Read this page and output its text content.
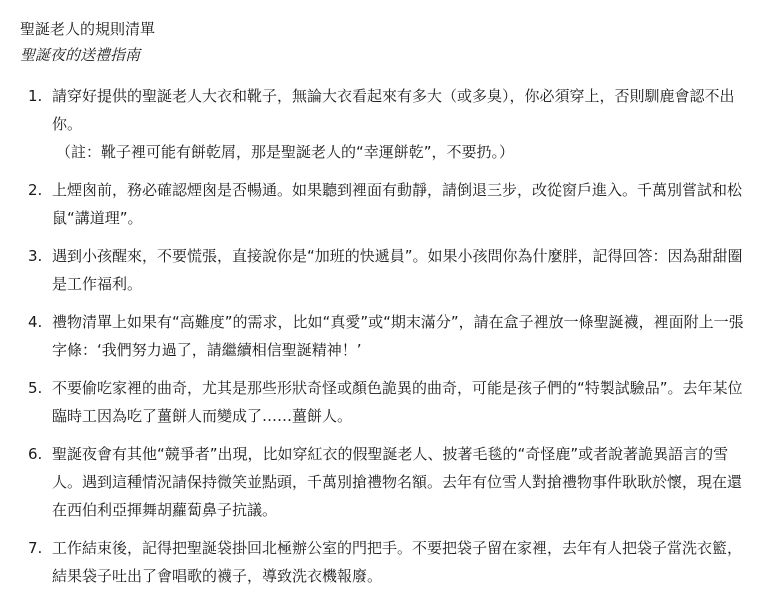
聖誕老人的規則清單
聖誕夜的送禮指南
1. 請穿好提供的聖誕老人大衣和靴子，無論大衣看起來有多大（或多臭），你必須穿上，否則馴鹿會認不出你。
（註：靴子裡可能有餅乾屑，那是聖誕老人的“幸運餅乾”，不要扔。）
2. 上煙囪前，務必確認煙囪是否暢通。如果聽到裡面有動靜，請倒退三步，改從窗戶進入。千萬別嘗試和松鼠“講道理”。
3. 遇到小孩醒來，不要慌張，直接說你是“加班的快遞員”。如果小孩問你為什麼胖，記得回答：因為甜甜圈是工作福利。
4. 禮物清單上如果有“高難度”的需求，比如“真愛”或“期末滿分”，請在盒子裡放一條聖誕襪，裡面附上一張字條：‘我們努力過了，請繼續相信聖誕精神！’
5. 不要偷吃家裡的曲奇，尤其是那些形狀奇怪或顏色詭異的曲奇，可能是孩子們的“特製試驗品”。去年某位臨時工因為吃了薑餅人而變成了……薑餅人。
6. 聖誕夜會有其他“競爭者”出現，比如穿紅衣的假聖誕老人、披著毛毯的“奇怪鹿”或者說著詭異語言的雪人。遇到這種情況請保持微笑並點頭，千萬別搶禮物名額。去年有位雪人對搶禮物事件耿耿於懷，現在還在西伯利亞揮舞胡蘿蔔鼻子抗議。
7. 工作結束後，記得把聖誕袋掛回北極辦公室的門把手。不要把袋子留在家裡，去年有人把袋子當洗衣籃，結果袋子吐出了會唱歌的襪子，導致洗衣機報廢。
